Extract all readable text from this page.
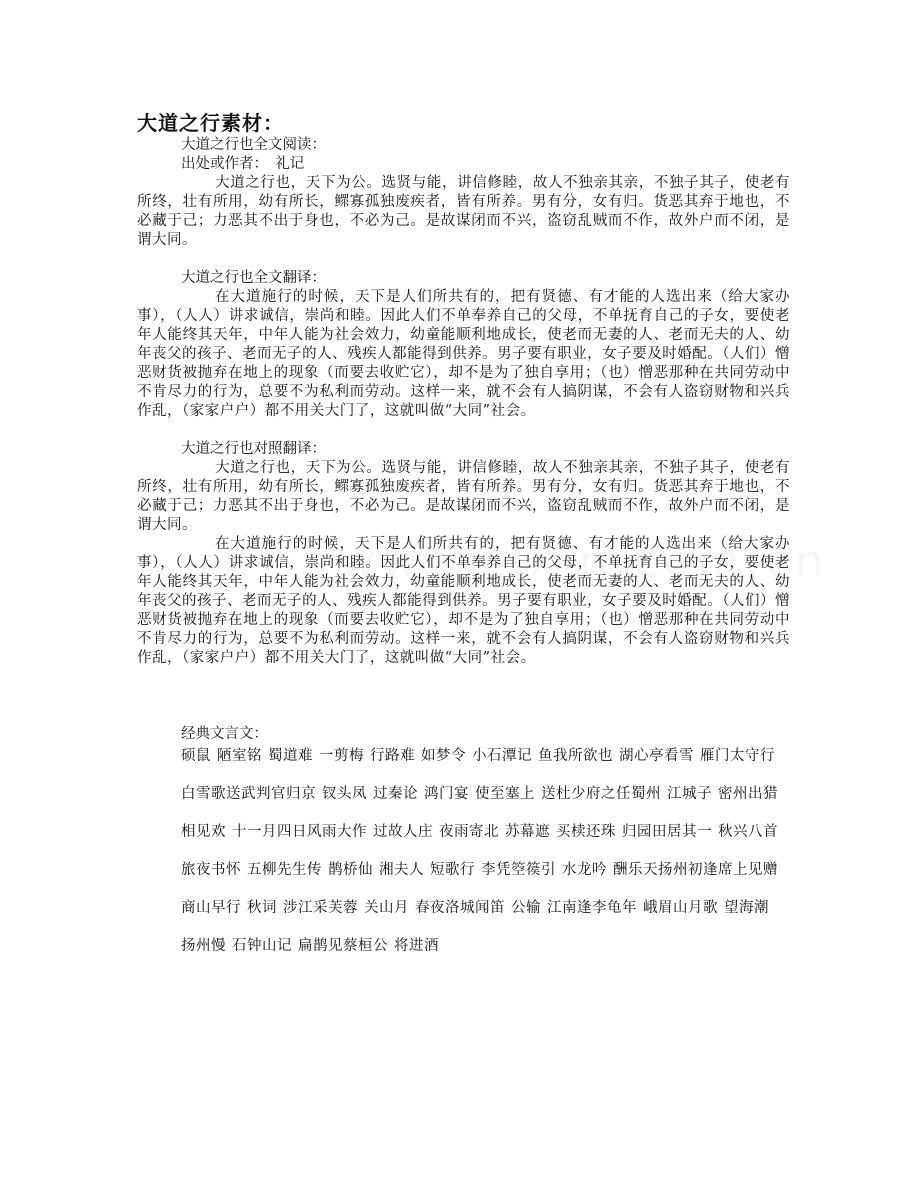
大道之行素材：

大道之行也全文阅读：

出处或作者：　礼记

大道之行也，天下为公。选贤与能，讲信修睦，故人不独亲其亲，不独子其子，使老有所终，壮有所用，幼有所长，鳏寡孤独废疾者，皆有所养。男有分，女有归。货恶其弃于地也，不必藏于己；力恶其不出于身也，不必为己。是故谋闭而不兴，盗窃乱贼而不作，故外户而不闭，是谓大同。

大道之行也全文翻译：

在大道施行的时候，天下是人们所共有的，把有贤德、有才能的人选出来（给大家办事），（人人）讲求诚信，崇尚和睦。因此人们不单奉养自己的父母，不单抚育自己的子女，要使老年人能终其天年，中年人能为社会效力，幼童能顺利地成长，使老而无妻的人、老而无夫的人、幼年丧父的孩子、老而无子的人、残疾人都能得到供养。男子要有职业，女子要及时婚配。（人们）憎恶财货被抛弃在地上的现象（而要去收贮它），却不是为了独自享用；（也）憎恶那种在共同劳动中不肯尽力的行为，总要不为私利而劳动。这样一来，就不会有人搞阴谋，不会有人盗窃财物和兴兵作乱，（家家户户）都不用关大门了，这就叫做“大同”社会。

大道之行也对照翻译：

大道之行也，天下为公。选贤与能，讲信修睦，故人不独亲其亲，不独子其子，使老有所终，壮有所用，幼有所长，鳏寡孤独废疾者，皆有所养。男有分，女有归。货恶其弃于地也，不必藏于己；力恶其不出于身也，不必为己。是故谋闭而不兴，盗窃乱贼而不作，故外户而不闭，是谓大同。

在大道施行的时候，天下是人们所共有的，把有贤德、有才能的人选出来（给大家办事），（人人）讲求诚信，崇尚和睦。因此人们不单奉养自己的父母，不单抚育自己的子女，要使老年人能终其天年，中年人能为社会效力，幼童能顺利地成长，使老而无妻的人、老而无夫的人、幼年丧父的孩子、老而无子的人、残疾人都能得到供养。男子要有职业，女子要及时婚配。（人们）憎恶财货被抛弃在地上的现象（而要去收贮它），却不是为了独自享用；（也）憎恶那种在共同劳动中不肯尽力的行为，总要不为私利而劳动。这样一来，就不会有人搞阴谋，不会有人盗窃财物和兴兵作乱，（家家户户）都不用关大门了，这就叫做“大同”社会。

经典文言文：

硕鼠 陋室铭 蜀道难 一剪梅 行路难 如梦令 小石潭记 鱼我所欲也 湖心亭看雪 雁门太守行

白雪歌送武判官归京 钗头凤 过秦论 鸿门宴 使至塞上 送杜少府之任蜀州 江城子 密州出猎

相见欢 十一月四日风雨大作 过故人庄 夜雨寄北 苏幕遮 买椟还珠 归园田居其一 秋兴八首

旅夜书怀 五柳先生传 鹊桥仙 湘夫人 短歌行 李凭箜篌引 水龙吟 酬乐天扬州初逢席上见赠

商山早行 秋词 涉江采芙蓉 关山月 春夜洛城闻笛 公输 江南逢李龟年 峨眉山月歌 望海潮

扬州慢 石钟山记 扁鹊见蔡桓公 将进酒
